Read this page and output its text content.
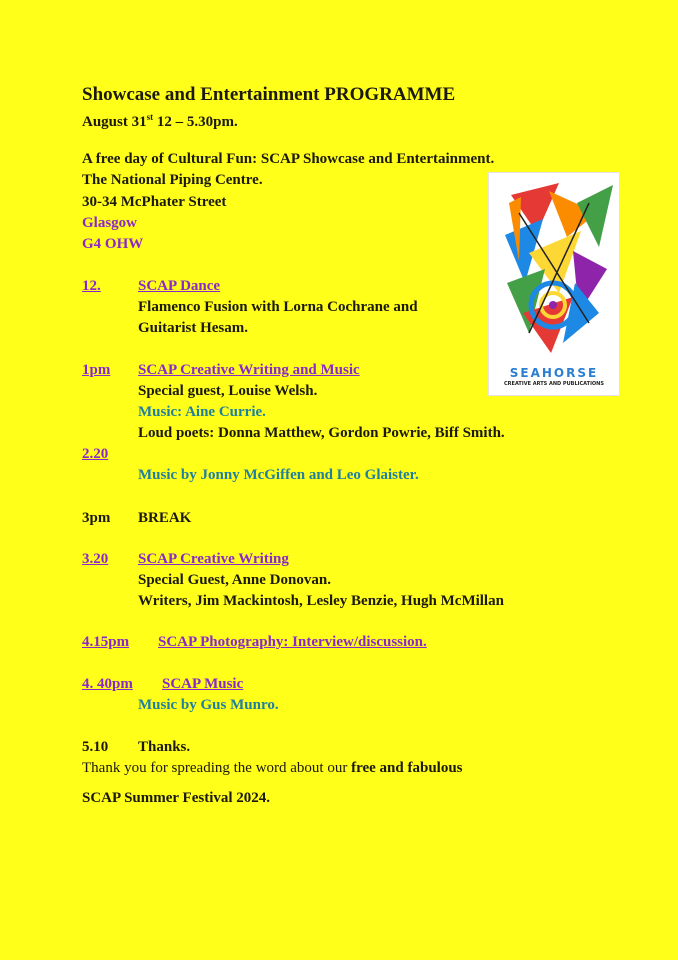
Showcase and Entertainment PROGRAMME
August 31st 12 – 5.30pm.
A free day of Cultural Fun: SCAP Showcase and Entertainment.
The National Piping Centre.
30-34 McPhater Street
Glasgow
G4 OHW
SEAHORSE
CREATIVE ARTS AND PUBLICATIONS
12. SCAP Dance
Flamenco Fusion with Lorna Cochrane and
Guitarist Hesam.
1pm SCAP Creative Writing and Music
Special guest, Louise Welsh.
Music: Aine Currie.
Loud poets: Donna Matthew, Gordon Powrie, Biff Smith.
2.20
Music by Jonny McGiffen and Leo Glaister.
3pm BREAK
3.20 SCAP Creative Writing
Special Guest, Anne Donovan.
Writers, Jim Mackintosh, Lesley Benzie, Hugh McMillan
4.15pm SCAP Photography: Interview/discussion.
4. 40pm SCAP Music
Music by Gus Munro.
5.10 Thanks.
Thank you for spreading the word about our free and fabulous
SCAP Summer Festival 2024.
